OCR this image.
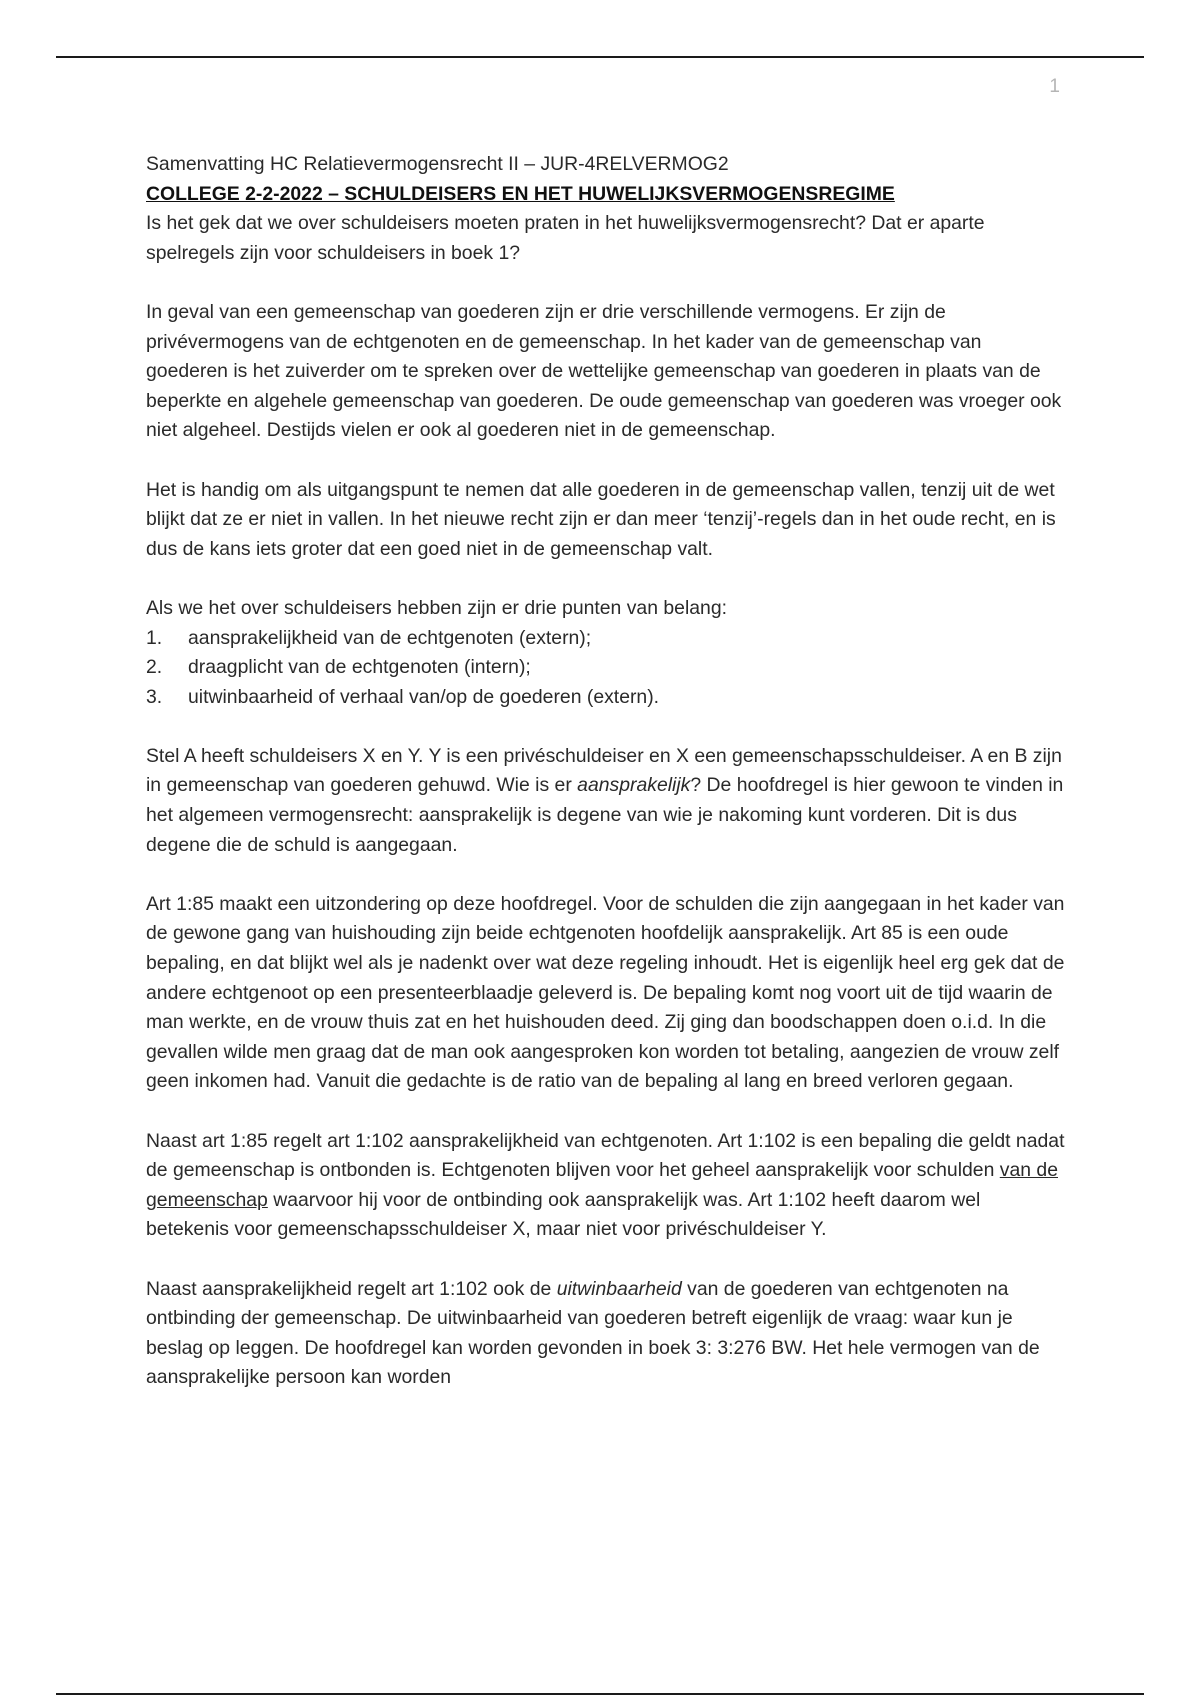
1
Samenvatting HC Relatievermogensrecht II – JUR-4RELVERMOG2
COLLEGE 2-2-2022 – SCHULDEISERS EN HET HUWELIJKSVERMOGENSREGIME

Is het gek dat we over schuldeisers moeten praten in het huwelijksvermogensrecht? Dat er aparte spelregels zijn voor schuldeisers in boek 1?

In geval van een gemeenschap van goederen zijn er drie verschillende vermogens. Er zijn de privévermogens van de echtgenoten en de gemeenschap. In het kader van de gemeenschap van goederen is het zuiverder om te spreken over de wettelijke gemeenschap van goederen in plaats van de beperkte en algehele gemeenschap van goederen. De oude gemeenschap van goederen was vroeger ook niet algeheel. Destijds vielen er ook al goederen niet in de gemeenschap.

Het is handig om als uitgangspunt te nemen dat alle goederen in de gemeenschap vallen, tenzij uit de wet blijkt dat ze er niet in vallen. In het nieuwe recht zijn er dan meer ‘tenzij’-regels dan in het oude recht, en is dus de kans iets groter dat een goed niet in de gemeenschap valt.

Als we het over schuldeisers hebben zijn er drie punten van belang:
1.	aansprakelijkheid van de echtgenoten (extern);
2.	draagplicht van de echtgenoten (intern);
3.	uitwinbaarheid of verhaal van/op de goederen (extern).

Stel A heeft schuldeisers X en Y. Y is een privéschuldeiser en X een gemeenschapsschuldeiser. A en B zijn in gemeenschap van goederen gehuwd. Wie is er aansprakelijk? De hoofdregel is hier gewoon te vinden in het algemeen vermogensrecht: aansprakelijk is degene van wie je nakoming kunt vorderen. Dit is dus degene die de schuld is aangegaan.

Art 1:85 maakt een uitzondering op deze hoofdregel. Voor de schulden die zijn aangegaan in het kader van de gewone gang van huishouding zijn beide echtgenoten hoofdelijk aansprakelijk. Art 85 is een oude bepaling, en dat blijkt wel als je nadenkt over wat deze regeling inhoudt. Het is eigenlijk heel erg gek dat de andere echtgenoot op een presenteerblaadje geleverd is. De bepaling komt nog voort uit de tijd waarin de man werkte, en de vrouw thuis zat en het huishouden deed. Zij ging dan boodschappen doen o.i.d. In die gevallen wilde men graag dat de man ook aangesproken kon worden tot betaling, aangezien de vrouw zelf geen inkomen had. Vanuit die gedachte is de ratio van de bepaling al lang en breed verloren gegaan.

Naast art 1:85 regelt art 1:102 aansprakelijkheid van echtgenoten. Art 1:102 is een bepaling die geldt nadat de gemeenschap is ontbonden is. Echtgenoten blijven voor het geheel aansprakelijk voor schulden van de gemeenschap waarvoor hij voor de ontbinding ook aansprakelijk was. Art 1:102 heeft daarom wel betekenis voor gemeenschapsschuldeiser X, maar niet voor privéschuldeiser Y.

Naast aansprakelijkheid regelt art 1:102 ook de uitwinbaarheid van de goederen van echtgenoten na ontbinding der gemeenschap. De uitwinbaarheid van goederen betreft eigenlijk de vraag: waar kun je beslag op leggen. De hoofdregel kan worden gevonden in boek 3: 3:276 BW. Het hele vermogen van de aansprakelijke persoon kan worden
